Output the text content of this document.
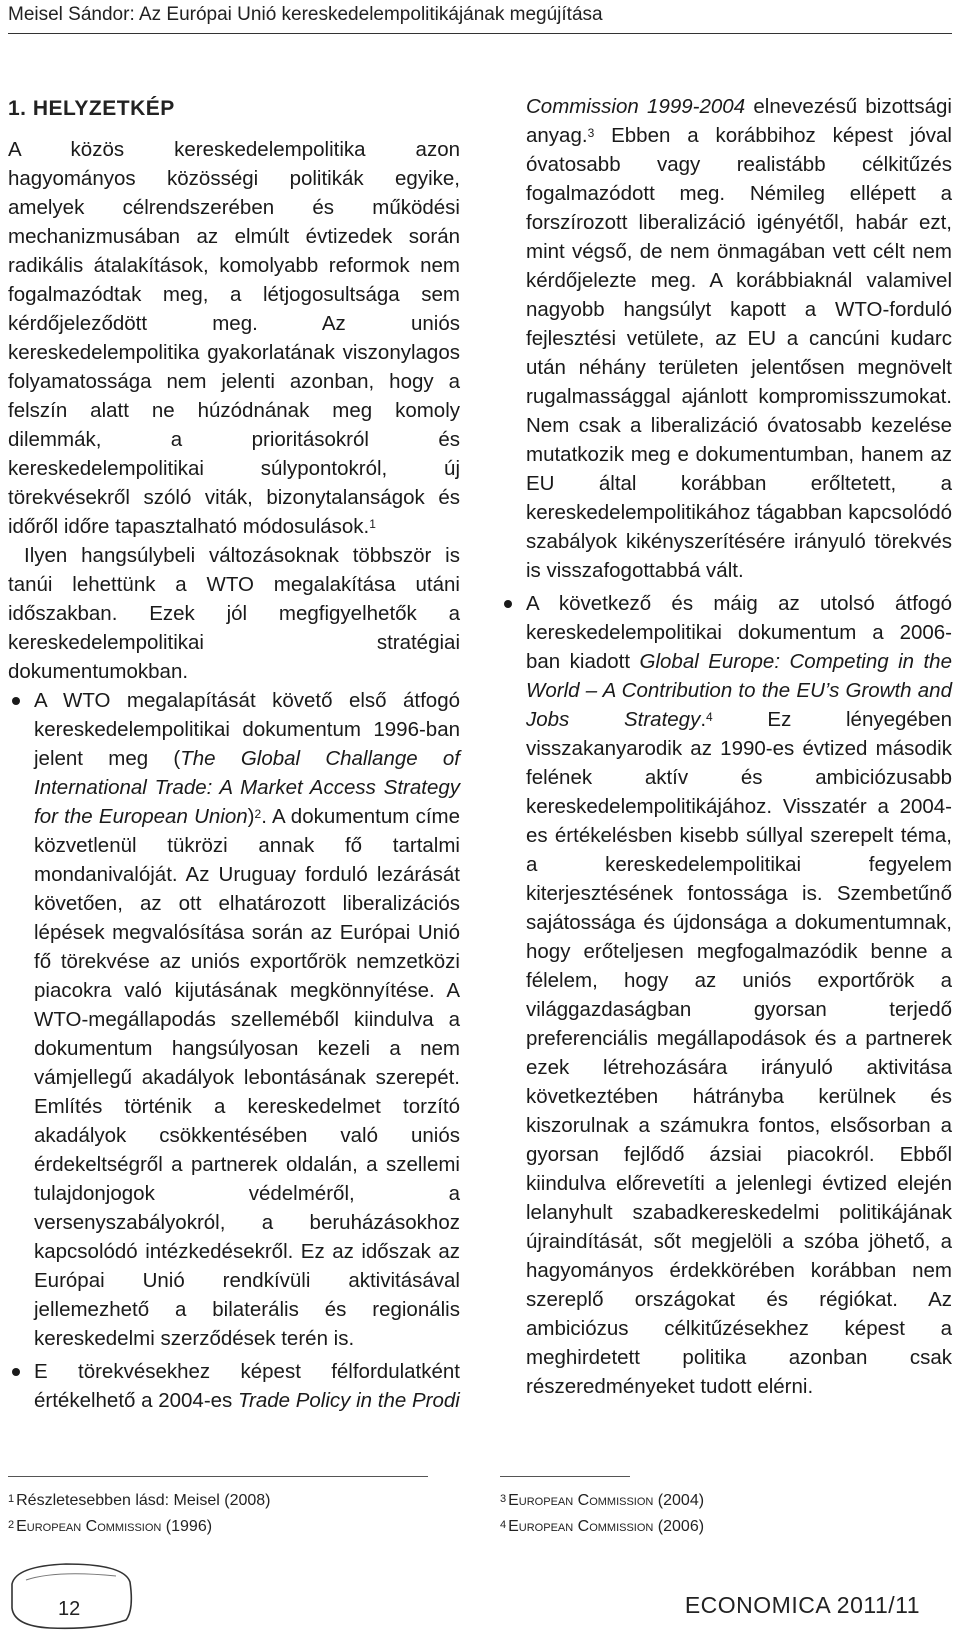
Meisel Sándor: Az Európai Unió kereskedelempolitikájának megújítása
1. HELYZETKÉP

A közös kereskedelempolitika azon hagyományos közösségi politikák egyike, amelyek célrendszerében és működési mechanizmusában az elmúlt évtizedek során radikális átalakítások, komolyabb reformok nem fogalmazódtak meg, a létjogosultsága sem kérdőjeleződött meg. Az uniós kereskedelempolitika gyakorlatának viszonylagos folyamatossága nem jelenti azonban, hogy a felszín alatt ne húzódnának meg komoly dilemmák, a prioritásokról és kereskedelempolitikai súlypontokról, új törekvésekről szóló viták, bizonytalanságok és időről időre tapasztalható módosulások.$^1$

Ilyen hangsúlybeli változásoknak többször is tanúi lehettünk a WTO megalakítása utáni időszakban. Ezek jól megfigyelhetők a kereskedelempolitikai stratégiai dokumentumokban.

A WTO megalapítását követő első átfogó kereskedelempolitikai dokumentum 1996-ban jelent meg (The Global Challange of International Trade: A Market Access Strategy for the European Union)$^2$. A dokumentum címe közvetlenül tükrözi annak fő tartalmi mondanivalóját. Az Uruguay forduló lezárását követően, az ott elhatározott liberalizációs lépések megvalósítása során az Európai Unió fő törekvése az uniós exportőrök nemzetközi piacokra való kijutásának megkönnyítése. A WTO-megállapodás szelleméből kiindulva a dokumentum hangsúlyosan kezeli a nem vámjellegű akadályok lebontásának szerepét. Említés történik a kereskedelmet torzító akadályok csökkentésében való uniós érdekeltségről a partnerek oldalán, a szellemi tulajdonjogok védelméről, a versenyszabályokról, a beruházásokhoz kapcsolódó intézkedésekről. Ez az időszak az Európai Unió rendkívüli aktivitásával jellemezhető a bilaterális és regionális kereskedelmi szerződések terén is.
E törekvésekhez képest félfordulatként értékelhető a 2004-es Trade Policy in the Prodi

Commission 1999-2004 elnevezésű bizottsági anyag.$^3$ Ebben a korábbihoz képest jóval óvatosabb vagy realistább célkitűzés fogalmazódott meg. Némileg ellépett a forszírozott liberalizáció igényétől, habár ezt, mint végső, de nem önmagában vett célt nem kérdőjelezte meg. A korábbiaknál valamivel nagyobb hangsúlyt kapott a WTO-forduló fejlesztési vetülete, az EU a cancúni kudarc után néhány területen jelentősen megnövelt rugalmassággal ajánlott kompromisszumokat. Nem csak a liberalizáció óvatosabb kezelése mutatkozik meg e dokumentumban, hanem az EU által korábban erőltetett, a kereskedelempolitikához tágabban kapcsolódó szabályok kikényszerítésére irányuló törekvés is visszafogottabbá vált.

A következő és máig az utolsó átfogó kereskedelempolitikai dokumentum a 2006-ban kiadott Global Europe: Competing in the World – A Contribution to the EU’s Growth and Jobs Strategy.$^4$ Ez lényegében visszakanyarodik az 1990-es évtized második felének aktív és ambiciózusabb kereskedelempolitikájához. Visszatér a 2004-es értékelésben kisebb súllyal szerepelt téma, a kereskedelempolitikai fegyelem kiterjesztésének fontossága is. Szembetűnő sajátossága és újdonsága a dokumentumnak, hogy erőteljesen megfogalmazódik benne a félelem, hogy az uniós exportőrök a világgazdaságban gyorsan terjedő preferenciális megállapodások és a partnerek ezek létrehozására irányuló aktivitása következtében hátrányba kerülnek és kiszorulnak a számukra fontos, elsősorban a gyorsan fejlődő ázsiai piacokról. Ebből kiindulva előrevetíti a jelenlegi évtized elején lelanyhult szabadkereskedelmi politikájának újraindítását, sőt megjelöli a szóba jöhető, a hagyományos érdekkörében korábban nem szereplő országokat és régiókat. Az ambiciózus célkitűzésekhez képest a meghirdetett politika azonban csak részeredményeket tudott elérni.
$^1$ Részletesebben lásd: Meisel (2008)
$^2$ European Commission (1996)
$^3$ European Commission (2004)
$^4$ European Commission (2006)
12	ECONOMICA 2011/11
